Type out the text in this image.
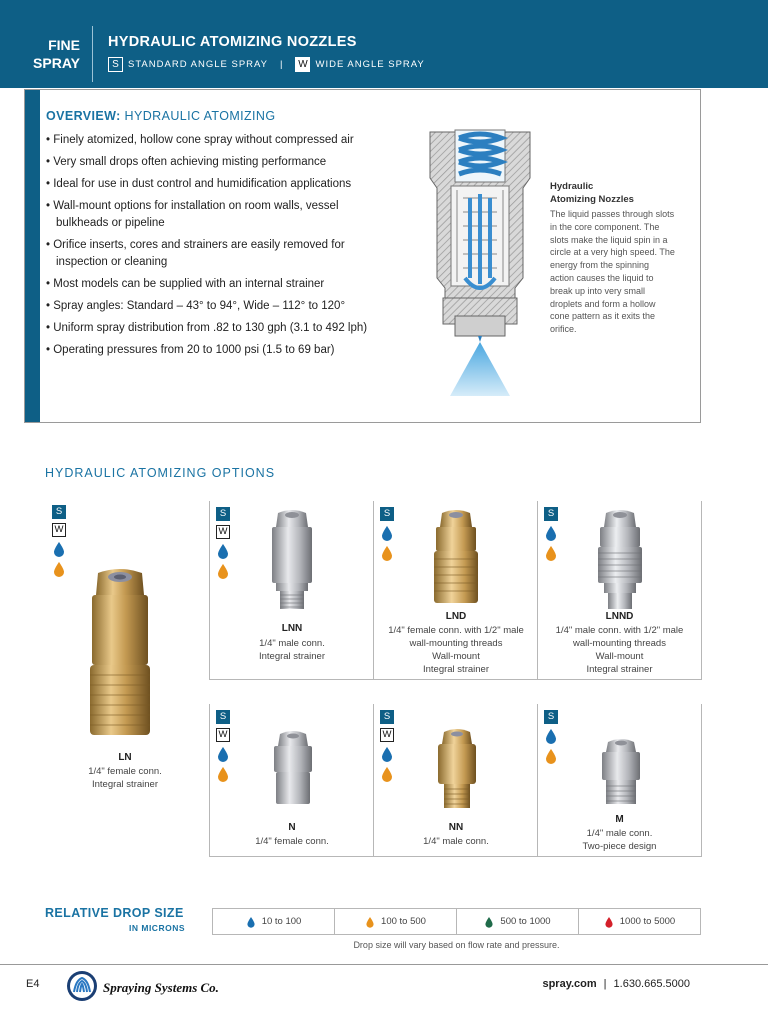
FINE
SPRAY
HYDRAULIC ATOMIZING NOZZLES
S STANDARD ANGLE SPRAY | W WIDE ANGLE SPRAY
OVERVIEW: HYDRAULIC ATOMIZING
• Finely atomized, hollow cone spray without compressed air
• Very small drops often achieving misting performance
• Ideal for use in dust control and humidification applications
• Wall-mount options for installation on room walls, vessel bulkheads or pipeline
• Orifice inserts, cores and strainers are easily removed for inspection or cleaning
• Most models can be supplied with an internal strainer
• Spray angles: Standard – 43° to 94°, Wide – 112° to 120°
• Uniform spray distribution from .82 to 130 gph (3.1 to 492 lph)
• Operating pressures from 20 to 1000 psi (1.5 to 69 bar)
Hydraulic
Atomizing Nozzles
The liquid passes through slots in the core component. The slots make the liquid spin in a circle at a very high speed. The energy from the spinning action causes the liquid to break up into very small droplets and form a hollow cone pattern as it exits the orifice.
HYDRAULIC ATOMIZING OPTIONS
S
W
LN
1/4" female conn.
Integral strainer
S
W
LNN
1/4" male conn.
Integral strainer
S
LND
1/4" female conn. with 1/2" male
wall-mounting threads
Wall-mount
Integral strainer
S
LNND
1/4" male conn. with 1/2" male
wall-mounting threads
Wall-mount
Integral strainer
S
W
N
1/4" female conn.
S
W
NN
1/4" male conn.
S
M
1/4" male conn.
Two-piece design
RELATIVE DROP SIZE
IN MICRONS
10 to 100	100 to 500	500 to 1000	1000 to 5000
Drop size will vary based on flow rate and pressure.
E4	Spraying Systems Co.	spray.com | 1.630.665.5000
